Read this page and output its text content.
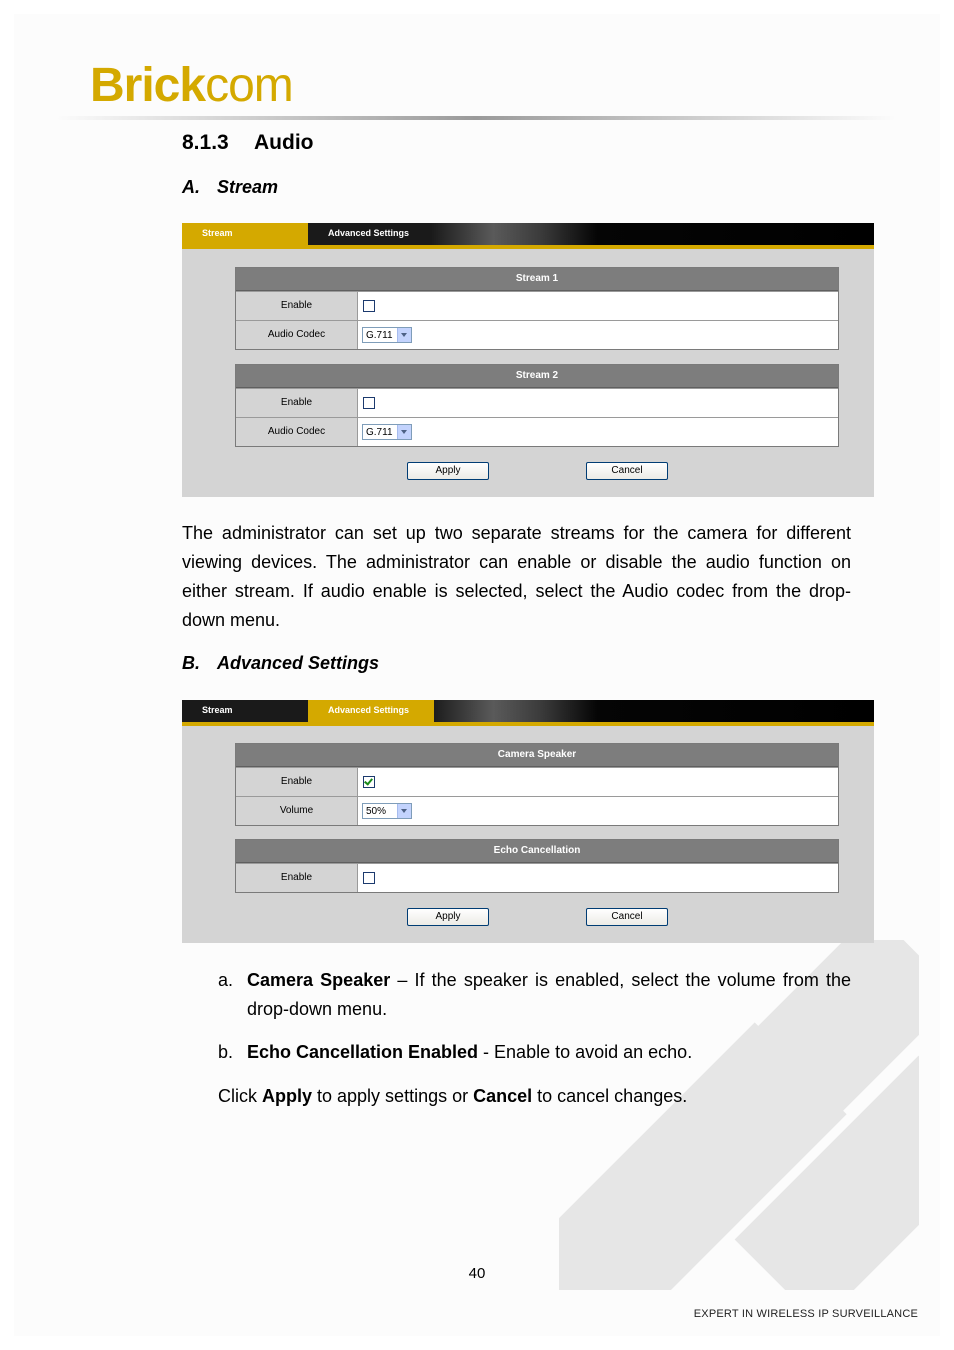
Brickcom
8.1.3 Audio
A. Stream
Stream	Advanced Settings
Stream 1
Enable
Audio Codec	G.711
Stream 2
Enable
Audio Codec	G.711
Apply	Cancel
The administrator can set up two separate streams for the camera for different viewing devices. The administrator can enable or disable the audio function on either stream. If audio enable is selected, select the Audio codec from the drop-down menu.
B. Advanced Settings
Stream	Advanced Settings
Camera Speaker
Enable
Volume	50%
Echo Cancellation
Enable
Apply	Cancel
a. Camera Speaker – If the speaker is enabled, select the volume from the drop-down menu.
b. Echo Cancellation Enabled - Enable to avoid an echo.
Click Apply to apply settings or Cancel to cancel changes.
40
EXPERT IN WIRELESS IP SURVEILLANCE
